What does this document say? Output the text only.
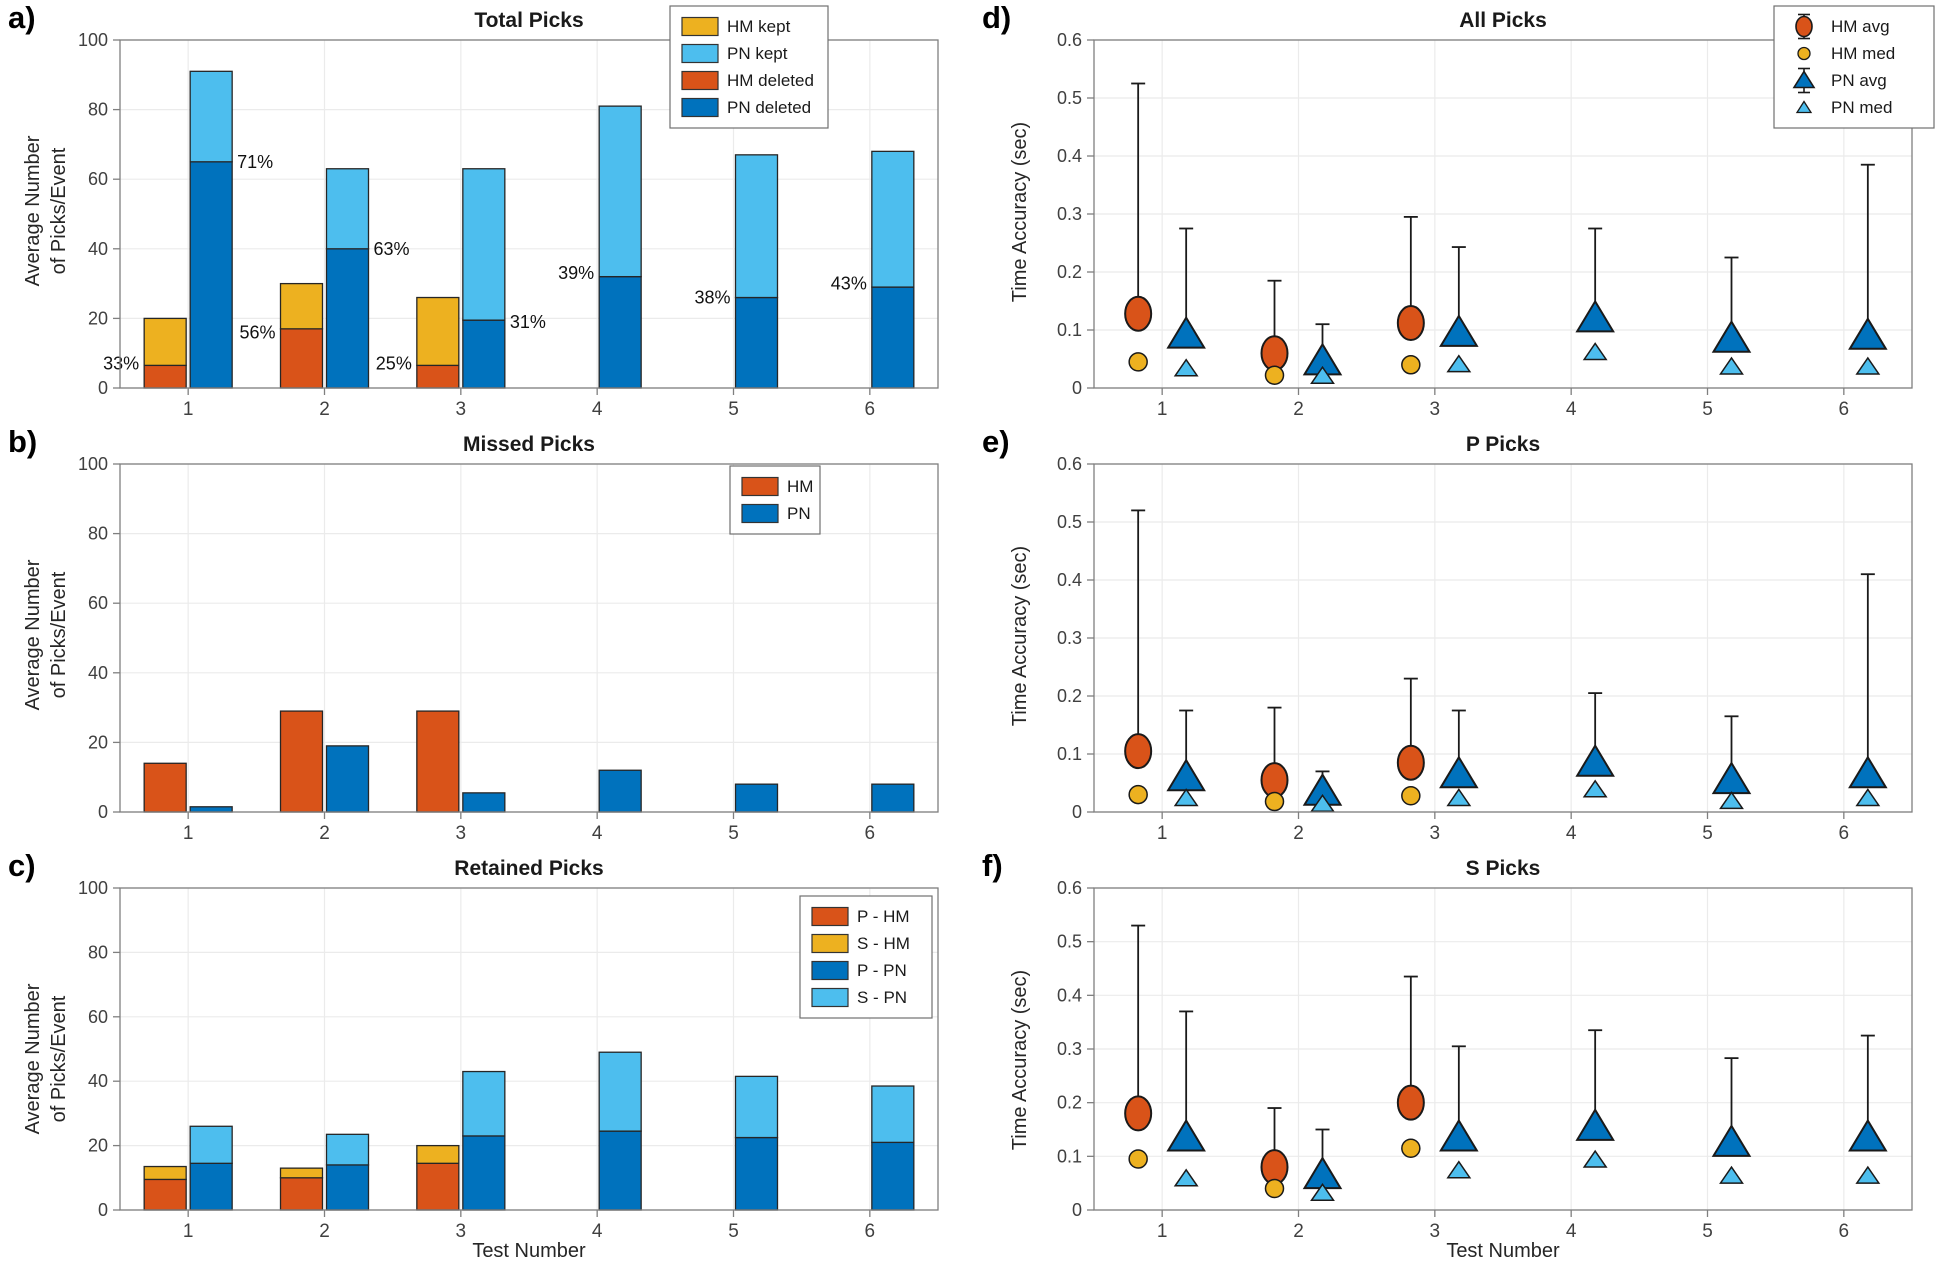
33%
71%
56%
63%
25%
31%
39%
38%
43%
0
20
40
60
80
100
1	2	3	4	5	6
HM kept
PN kept
HM deleted
PN deleted
a)	Total Picks
Average Number of Picks/Event
0
20
40
60
80
100
1	2	3	4	5	6
HM
PN
b)	Missed Picks
Average Number of Picks/Event
0
20
40
60
80
100
1	2	3	4	5	6
P - HM
S - HM
P - PN
S - PN
c)	Retained Picks
Average Number of Picks/Event
Test Number
0
0.1
0.2
0.3
0.4
0.5
0.6
1	2	3	4	5	6
HM avg
HM med
PN avg
PN med
d)	All Picks
Time Accuracy (sec)
0
0.1
0.2
0.3
0.4
0.5
0.6
1	2	3	4	5	6
e)	P Picks
Time Accuracy (sec)
0
0.1
0.2
0.3
0.4
0.5
0.6
1	2	3	4	5	6
f)	S Picks
Time Accuracy (sec)
Test Number
